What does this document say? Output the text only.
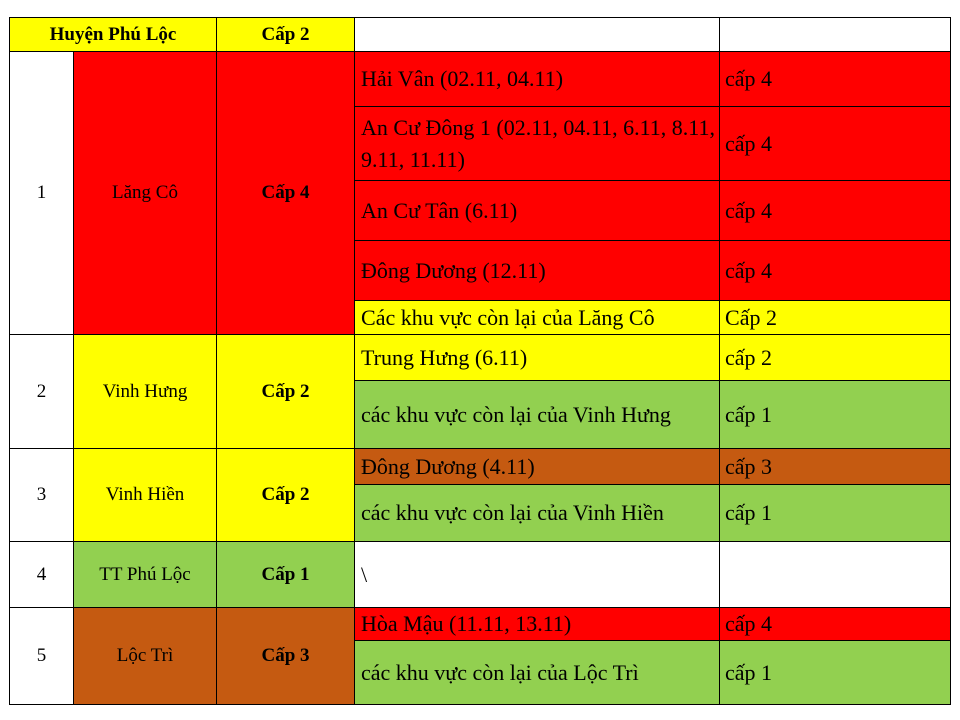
Huyện Phú Lộc		Cấp 2		
1	Lăng Cô	Cấp 4	Hải Vân (02.11, 04.11)	cấp 4
			An Cư Đông 1 (02.11, 04.11, 6.11, 8.11, 9.11, 11.11)	cấp 4
			An Cư Tân (6.11)	cấp 4
			Đông Dương (12.11)	cấp 4
			Các khu vực còn lại của Lăng Cô	Cấp 2
2	Vinh Hưng	Cấp 2	Trung Hưng (6.11)	cấp 2
			các khu vực còn lại của Vinh Hưng	cấp 1
3	Vinh Hiền	Cấp 2	Đông Dương (4.11)	cấp 3
			các khu vực còn lại của Vinh Hiền	cấp 1
4	TT Phú Lộc	Cấp 1	\	
5	Lộc Trì	Cấp 3	Hòa Mậu (11.11, 13.11)	cấp 4
			các khu vực còn lại của Lộc Trì	cấp 1
